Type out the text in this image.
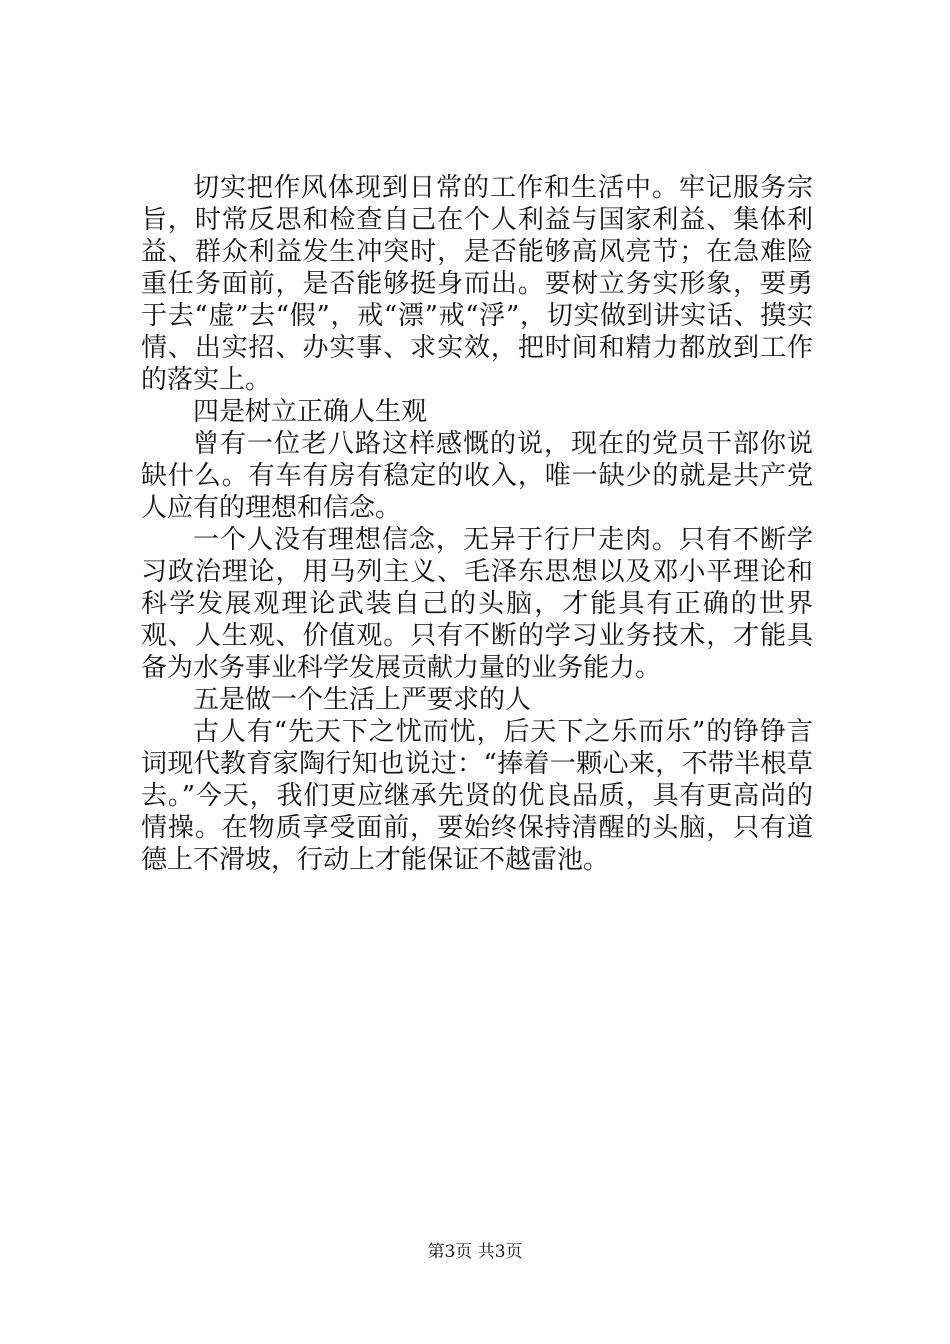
切实把作风体现到日常的工作和生活中。牢记服务宗旨，时常反思和检查自己在个人利益与国家利益、集体利益、群众利益发生冲突时，是否能够高风亮节；在急难险重任务面前，是否能够挺身而出。要树立务实形象，要勇于去“虚”去“假”，戒“漂”戒“浮”，切实做到讲实话、摸实情、出实招、办实事、求实效，把时间和精力都放到工作的落实上。

四是树立正确人生观

曾有一位老八路这样感慨的说，现在的党员干部你说缺什么。有车有房有稳定的收入，唯一缺少的就是共产党人应有的理想和信念。

一个人没有理想信念，无异于行尸走肉。只有不断学习政治理论，用马列主义、毛泽东思想以及邓小平理论和科学发展观理论武装自己的头脑，才能具有正确的世界观、人生观、价值观。只有不断的学习业务技术，才能具备为水务事业科学发展贡献力量的业务能力。

五是做一个生活上严要求的人

古人有“先天下之忧而忧，后天下之乐而乐”的铮铮言词现代教育家陶行知也说过：“捧着一颗心来，不带半根草去。”今天，我们更应继承先贤的优良品质，具有更高尚的情操。在物质享受面前，要始终保持清醒的头脑，只有道德上不滑坡，行动上才能保证不越雷池。

第3页 共3页
